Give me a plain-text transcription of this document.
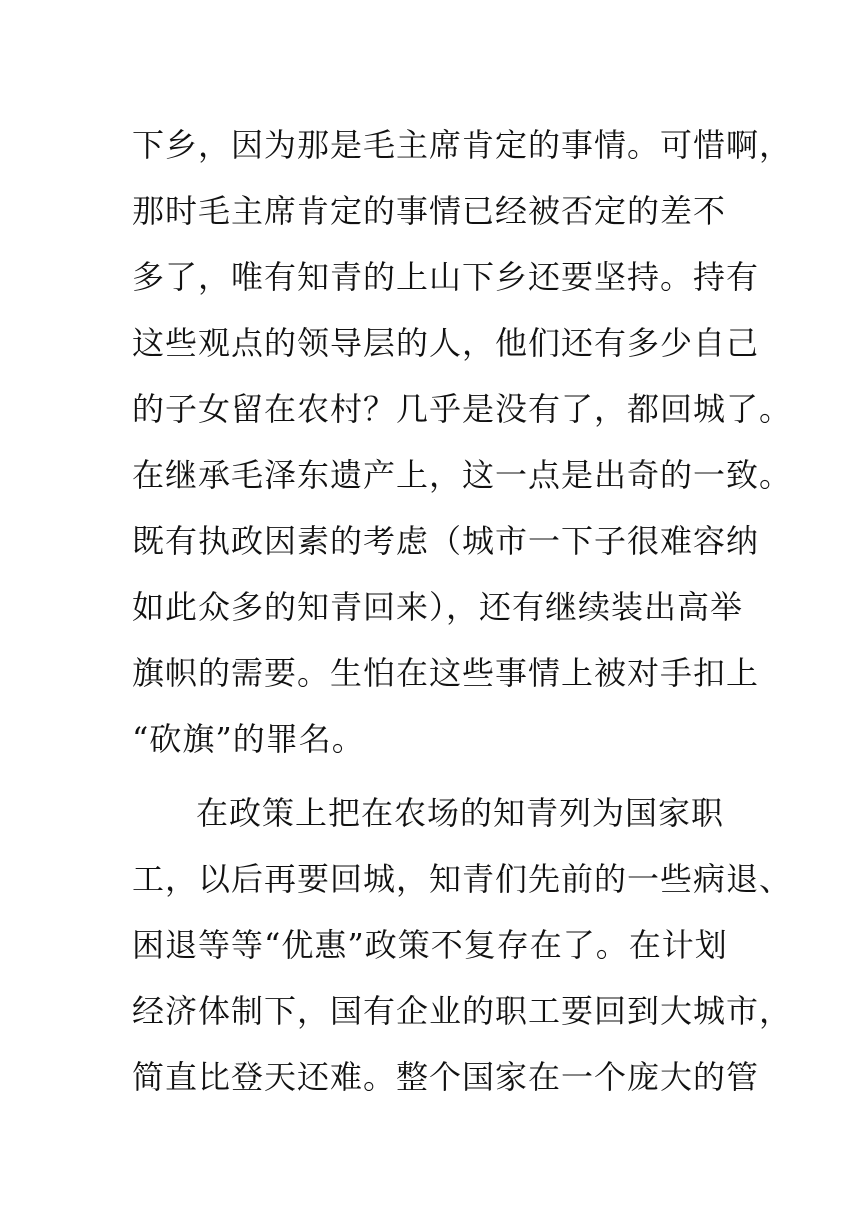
下乡，因为那是毛主席肯定的事情。可惜啊，
那时毛主席肯定的事情已经被否定的差不
多了，唯有知青的上山下乡还要坚持。持有
这些观点的领导层的人，他们还有多少自己
的子女留在农村？几乎是没有了，都回城了。
在继承毛泽东遗产上，这一点是出奇的一致。
既有执政因素的考虑（城市一下子很难容纳
如此众多的知青回来），还有继续装出高举
旗帜的需要。生怕在这些事情上被对手扣上
“砍旗”的罪名。
在政策上把在农场的知青列为国家职
工，以后再要回城，知青们先前的一些病退、
困退等等“优惠”政策不复存在了。在计划
经济体制下，国有企业的职工要回到大城市，
简直比登天还难。整个国家在一个庞大的管
